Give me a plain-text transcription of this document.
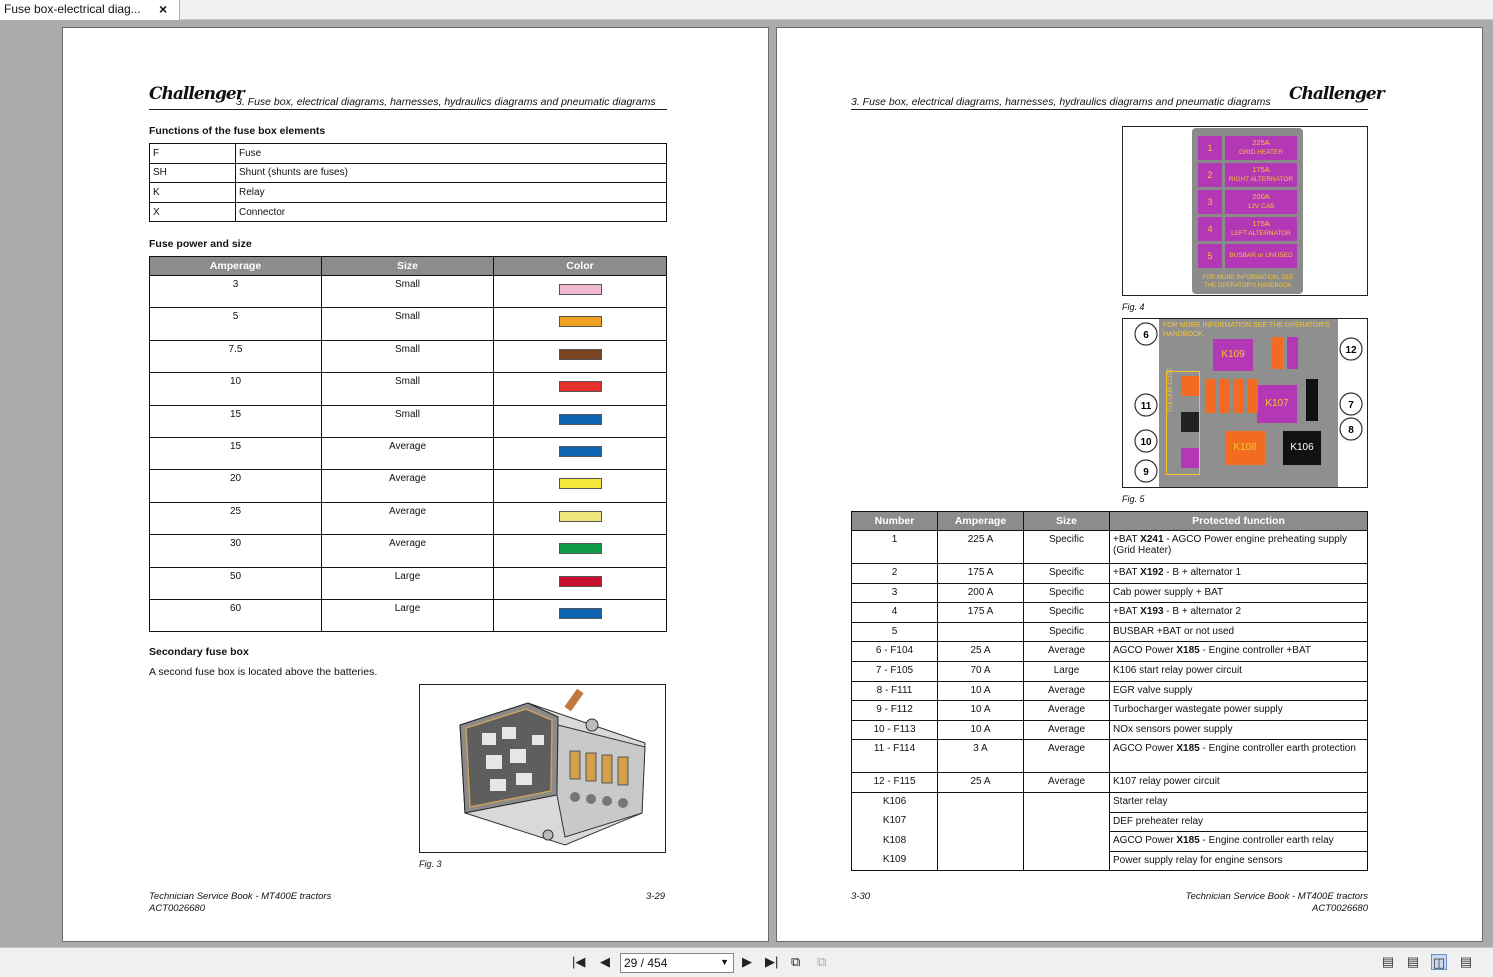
Fuse box-electrical diag... ×
Challenger
3. Fuse box, electrical diagrams, harnesses, hydraulics diagrams and pneumatic diagrams
Functions of the fuse box elements
F	Fuse
SH	Shunt (shunts are fuses)
K	Relay
X	Connector
Fuse power and size
Amperage	Size	Color
3	Small	
5	Small	
7.5	Small	
10	Small	
15	Small	
15	Average	
20	Average	
25	Average	
30	Average	
50	Large	
60	Large	
Secondary fuse box
A second fuse box is located above the batteries.
Fig. 3
Technician Service Book - MT400E tractors
ACT0026680
3-29
3. Fuse box, electrical diagrams, harnesses, hydraulics diagrams and pneumatic diagrams Challenger
1
225A
GRID HEATER
2
175A
RIGHT ALTERNATOR
3
200A
12V CAB
4
175A
LEFT ALTERNATOR
5	BUSBAR or UNUSED
FOR MORE INFORMATION, SEE
THE OPERATOR'S HANDBOOK
Fig. 4
FOR MORE INFORMATION SEE THE OPERATOR'S
HANDBOOK
K109
K107
K108	K106
COLOUR CODE
6
12
11	7
8
10
9
Fig. 5
Number	Amperage	Size	Protected function
1	225 A	Specific	+BAT X241 - AGCO Power engine preheating supply (Grid Heater)
2	175 A	Specific	+BAT X192 - B + alternator 1
3	200 A	Specific	Cab power supply + BAT
4	175 A	Specific	+BAT X193 - B + alternator 2
5		Specific	BUSBAR +BAT or not used
6 - F104	25 A	Average	AGCO Power X185 - Engine controller +BAT
7 - F105	70 A	Large	K106 start relay power circuit
8 - F111	10 A	Average	EGR valve supply
9 - F112	10 A	Average	Turbocharger wastegate power supply
10 - F113	10 A	Average	NOx sensors power supply
11 - F114	3 A	Average	AGCO Power X185 - Engine controller earth protection
12 - F115	25 A	Average	K107 relay power circuit
K106			Starter relay
K107			DEF preheater relay
K108			AGCO Power X185 - Engine controller earth relay
K109			Power supply relay for engine sensors
3-30	Technician Service Book - MT400E tractors
ACT0026680
|◀ ◀	29 / 454	▼ ▶ ▶| ⧉ ⧉	▤ ▤ ◫ ▤
